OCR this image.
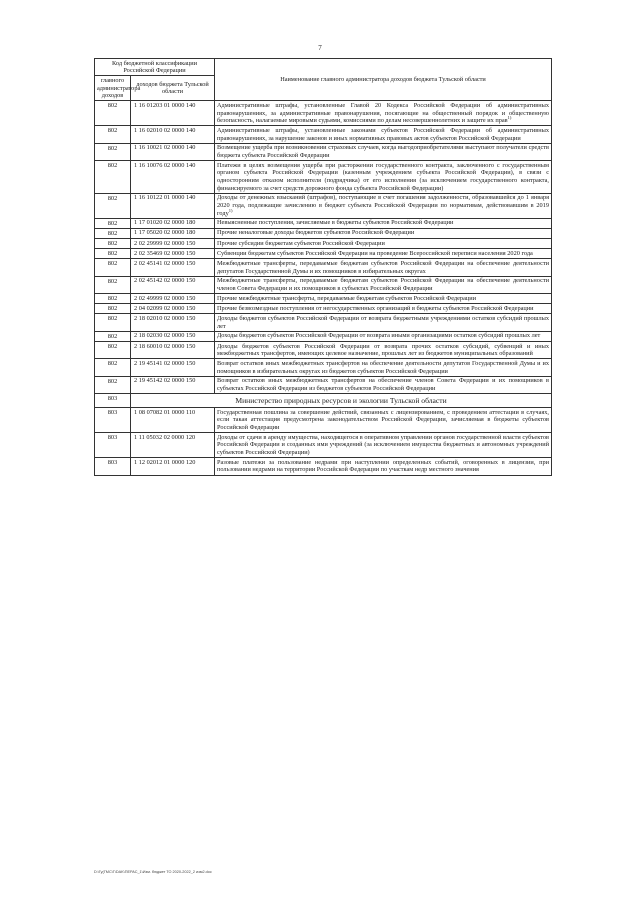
7
Код бюджетной классификации Российской Федерации		Наименование главного администратора доходов бюджета Тульской области
главного администратора доходов	доходов бюджета Тульской области	
802	1 16 01203 01 0000 140	Административные штрафы, установленные Главой 20 Кодекса Российской Федерации об административных правонарушениях, за административные правонарушения, посягающие на общественный порядок и общественную безопасность, налагаемые мировыми судьями, комиссиями по делам несовершеннолетних и защите их прав$^{1)}$
802	1 16 02010 02 0000 140	Административные штрафы, установленные законами субъектов Российской Федерации об административных правонарушениях, за нарушение законов и иных нормативных правовых актов субъектов Российской Федерации
802	1 16 10021 02 0000 140	Возмещение ущерба при возникновении страховых случаев, когда выгодоприобретателями выступают получатели средств бюджета субъекта Российской Федерации
802	1 16 10076 02 0000 140	Платежи в целях возмещения ущерба при расторжении государственного контракта, заключенного с государственным органом субъекта Российской Федерации (казенным учреждением субъекта Российской Федерации), в связи с односторонним отказом исполнителя (подрядчика) от его исполнения (за исключением государственного контракта, финансируемого за счет средств дорожного фонда субъекта Российской Федерации)
802	1 16 10122 01 0000 140	Доходы от денежных взысканий (штрафов), поступающие в счет погашения задолженности, образовавшейся до 1 января 2020 года, подлежащие зачислению в бюджет субъекта Российской Федерации по нормативам, действовавшим в 2019 году$^{1)}$
802	1 17 01020 02 0000 180	Невыясненные поступления, зачисляемые в бюджеты субъектов Российской Федерации
802	1 17 05020 02 0000 180	Прочие неналоговые доходы бюджетов субъектов Российской Федерации
802	2 02 29999 02 0000 150	Прочие субсидии бюджетам субъектов Российской Федерации
802	2 02 35469 02 0000 150	Субвенции бюджетам субъектов Российской Федерации на проведение Всероссийской переписи населения 2020 года
802	2 02 45141 02 0000 150	Межбюджетные трансферты, передаваемые бюджетам субъектов Российской Федерации на обеспечение деятельности депутатов Государственной Думы и их помощников в избирательных округах
802	2 02 45142 02 0000 150	Межбюджетные трансферты, передаваемые бюджетам субъектов Российской Федерации на обеспечение деятельности членов Совета Федерации и их помощников в субъектах Российской Федерации
802	2 02 49999 02 0000 150	Прочие межбюджетные трансферты, передаваемые бюджетам субъектов Российской Федерации
802	2 04 02099 02 0000 150	Прочие безвозмездные поступления от негосударственных организаций в бюджеты субъектов Российской Федерации
802	2 18 02010 02 0000 150	Доходы бюджетов субъектов Российской Федерации от возврата бюджетными учреждениями остатков субсидий прошлых лет
802	2 18 02030 02 0000 150	Доходы бюджетов субъектов Российской Федерации от возврата иными организациями остатков субсидий прошлых лет
802	2 18 60010 02 0000 150	Доходы бюджетов субъектов Российской Федерации от возврата прочих остатков субсидий, субвенций и иных межбюджетных трансфертов, имеющих целевое назначение, прошлых лет из бюджетов муниципальных образований
802	2 19 45141 02 0000 150	Возврат остатков иных межбюджетных трансфертов на обеспечение деятельности депутатов Государственной Думы и их помощников в избирательных округах из бюджетов субъектов Российской Федерации
802	2 19 45142 02 0000 150	Возврат остатков иных межбюджетных трансфертов на обеспечение членов Совета Федерации и их помощников в субъектах Российской Федерации из бюджетов субъектов Российской Федерации
803	Министерство природных ресурсов и экологии Тульской области	
803	1 08 07082 01 0000 110	Государственная пошлина за совершение действий, связанных с лицензированием, с проведением аттестации в случаях, если такая аттестация предусмотрена законодательством Российской Федерации, зачисляемая в бюджеты субъектов Российской Федерации
803	1 11 05032 02 0000 120	Доходы от сдачи в аренду имущества, находящегося в оперативном управлении органов государственной власти субъектов Российской Федерации и созданных ими учреждений (за исключением имущества бюджетных и автономных учреждений субъектов Российской Федерации)
803	1 12 02012 01 0000 120	Разовые платежи за пользование недрами при наступлении определенных событий, оговоренных в лицензии, при пользовании недрами на территории Российской Федерации по участкам недр местного значения
D:\Гу(ГМС\Г\DAK\ПЕРАС_1\Изм. бюджет ТО 2020-2022_2 изм2.doc
